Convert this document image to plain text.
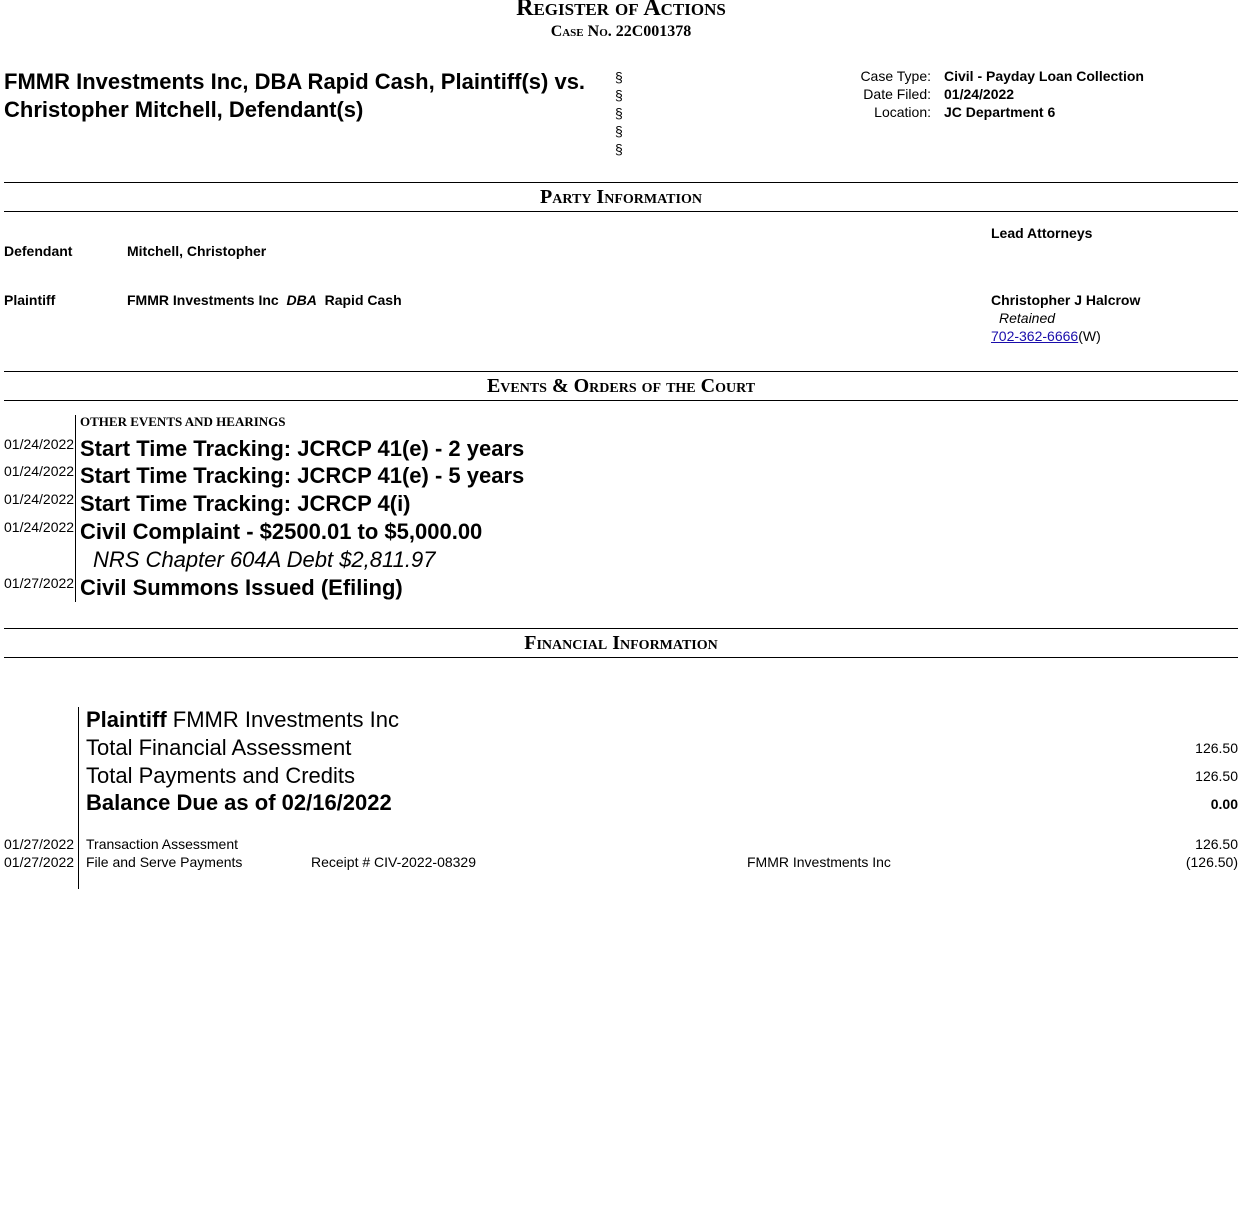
Register of Actions
Case No. 22C001378
FMMR Investments Inc, DBA Rapid Cash, Plaintiff(s) vs.
Christopher Mitchell, Defendant(s)
§
§
§
§
§
Case Type: Civil - Payday Loan Collection
Date Filed: 01/24/2022
Location: JC Department 6
Party Information
Lead Attorneys
Defendant	Mitchell, Christopher
Plaintiff	FMMR Investments Inc DBA Rapid Cash	Christopher J Halcrow
Retained
702-362-6666(W)
Events & Orders of the Court
OTHER EVENTS AND HEARINGS
01/24/2022 Start Time Tracking: JCRCP 41(e) - 2 years
01/24/2022 Start Time Tracking: JCRCP 41(e) - 5 years
01/24/2022 Start Time Tracking: JCRCP 4(i)
01/24/2022 Civil Complaint - $2500.01 to $5,000.00
NRS Chapter 604A Debt $2,811.97
01/27/2022 Civil Summons Issued (Efiling)
Financial Information
Plaintiff FMMR Investments Inc
Total Financial Assessment	126.50
Total Payments and Credits	126.50
Balance Due as of 02/16/2022	0.00
01/27/2022 Transaction Assessment	126.50
01/27/2022 File and Serve Payments	Receipt # CIV-2022-08329	FMMR Investments Inc	(126.50)
